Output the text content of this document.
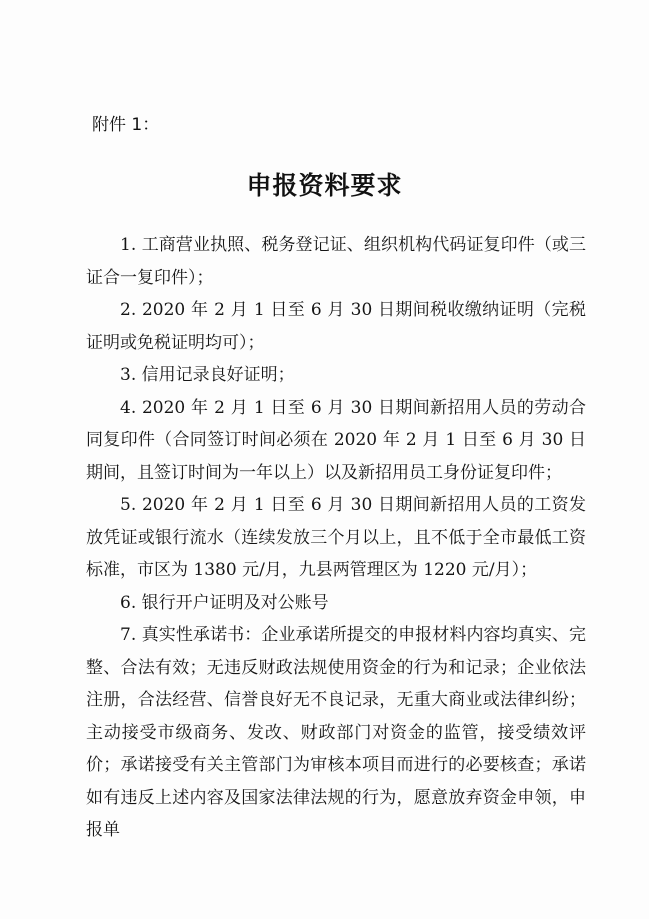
附件 1：
申报资料要求

1. 工商营业执照、税务登记证、组织机构代码证复印件（或三证合一复印件）；

2. 2020 年 2 月 1 日至 6 月 30 日期间税收缴纳证明（完税证明或免税证明均可）；

3. 信用记录良好证明；

4. 2020 年 2 月 1 日至 6 月 30 日期间新招用人员的劳动合同复印件（合同签订时间必须在 2020 年 2 月 1 日至 6 月 30 日期间，且签订时间为一年以上）以及新招用员工身份证复印件；

5. 2020 年 2 月 1 日至 6 月 30 日期间新招用人员的工资发放凭证或银行流水（连续发放三个月以上，且不低于全市最低工资标准，市区为 1380 元/月，九县两管理区为 1220 元/月）；

6. 银行开户证明及对公账号

7. 真实性承诺书：企业承诺所提交的申报材料内容均真实、完整、合法有效；无违反财政法规使用资金的行为和记录；企业依法注册，合法经营、信誉良好无不良记录，无重大商业或法律纠纷；主动接受市级商务、发改、财政部门对资金的监管，接受绩效评价；承诺接受有关主管部门为审核本项目而进行的必要核查；承诺如有违反上述内容及国家法律法规的行为，愿意放弃资金申领，申报单
